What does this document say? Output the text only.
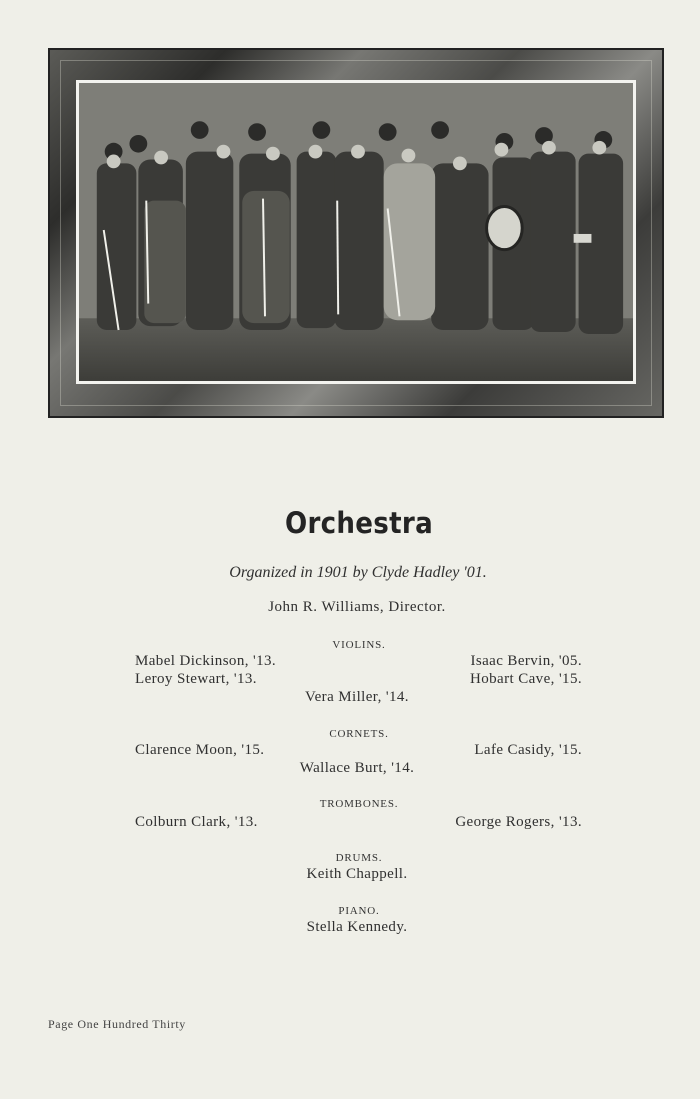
Orchestra
Organized in 1901 by Clyde Hadley '01.
John R. Williams, Director.
VIOLINS.
Mabel Dickinson, '13.	Isaac Bervin, '05.
Leroy Stewart, '13.	Hobart Cave, '15.
Vera Miller, '14.
CORNETS.
Clarence Moon, '15.	Lafe Casidy, '15.
Wallace Burt, '14.
TROMBONES.
Colburn Clark, '13.	George Rogers, '13.
DRUMS.
Keith Chappell.
PIANO.
Stella Kennedy.
Page One Hundred Thirty
